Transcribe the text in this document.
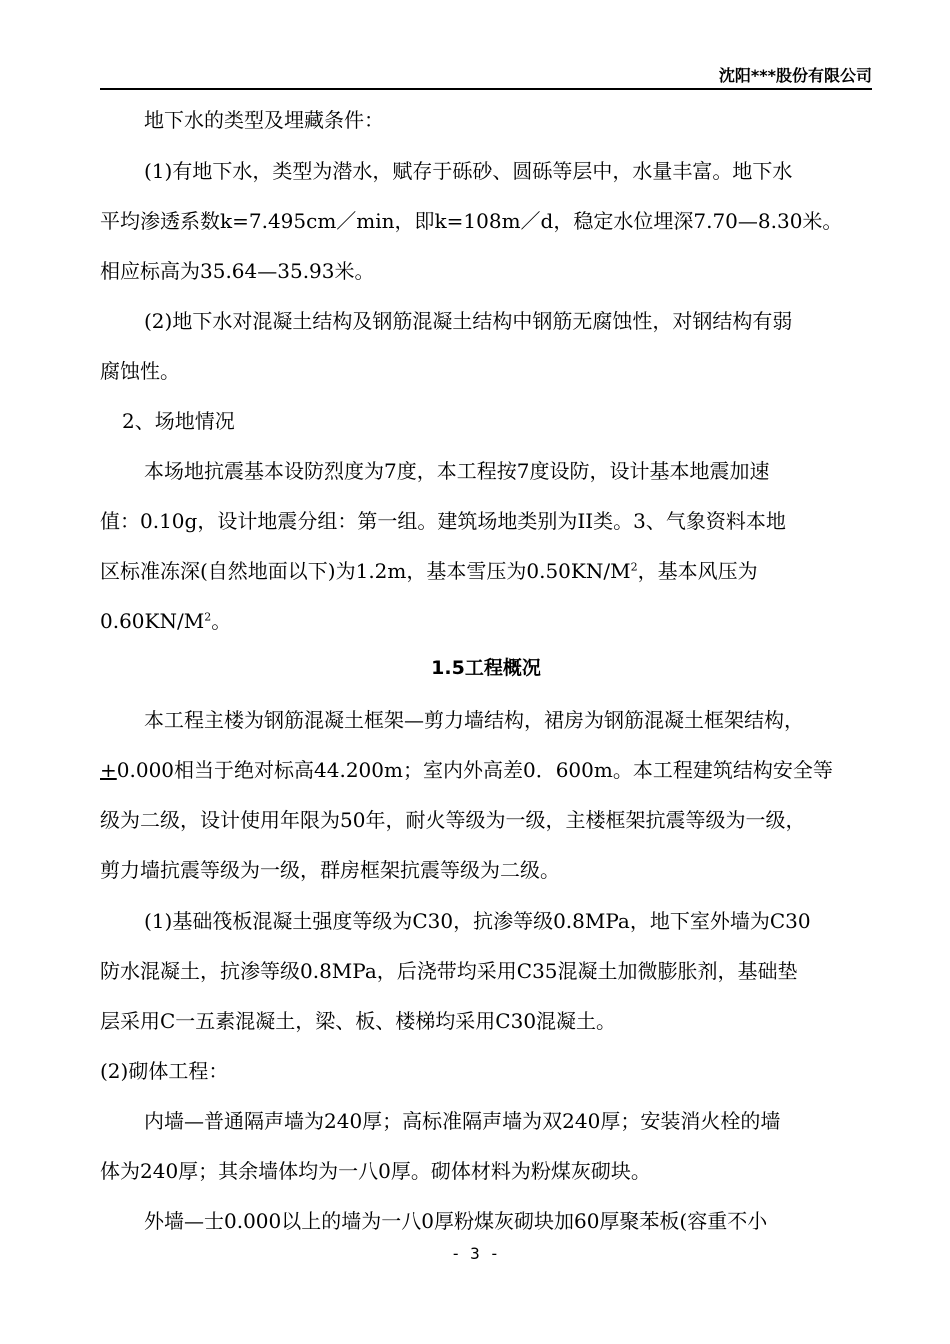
沈阳***股份有限公司
地下水的类型及埋藏条件：
(1)有地下水，类型为潜水，赋存于砾砂、圆砾等层中，水量丰富。地下水
平均渗透系数k=7.495cm／min，即k=108m／d，稳定水位埋深7.70—8.30米。
相应标高为35.64—35.93米。
(2)地下水对混凝土结构及钢筋混凝土结构中钢筋无腐蚀性，对钢结构有弱
腐蚀性。
2、场地情况
本场地抗震基本设防烈度为7度，本工程按7度设防，设计基本地震加速
值：0.10g，设计地震分组：第一组。建筑场地类别为II类。3、气象资料本地
区标准冻深(自然地面以下)为1.2m，基本雪压为$0.50KN/M^2$，基本风压为
$0.60KN/M^2$。
1.5工程概况
本工程主楼为钢筋混凝土框架—剪力墙结构，裙房为钢筋混凝土框架结构，
+0.000相当于绝对标高44.200m；室内外高差0．600m。本工程建筑结构安全等
级为二级，设计使用年限为50年，耐火等级为一级，主楼框架抗震等级为一级，
剪力墙抗震等级为一级，群房框架抗震等级为二级。
(1)基础筏板混凝土强度等级为C30，抗渗等级0.8MPa，地下室外墙为C30
防水混凝土，抗渗等级0.8MPa，后浇带均采用C35混凝土加微膨胀剂，基础垫
层采用C一五素混凝土，梁、板、楼梯均采用C30混凝土。
(2)砌体工程：
内墙—普通隔声墙为240厚；高标准隔声墙为双240厚；安装消火栓的墙
体为240厚；其余墙体均为一八0厚。砌体材料为粉煤灰砌块。
外墙—士0.000以上的墙为一八0厚粉煤灰砌块加60厚聚苯板(容重不小
- 3 -
